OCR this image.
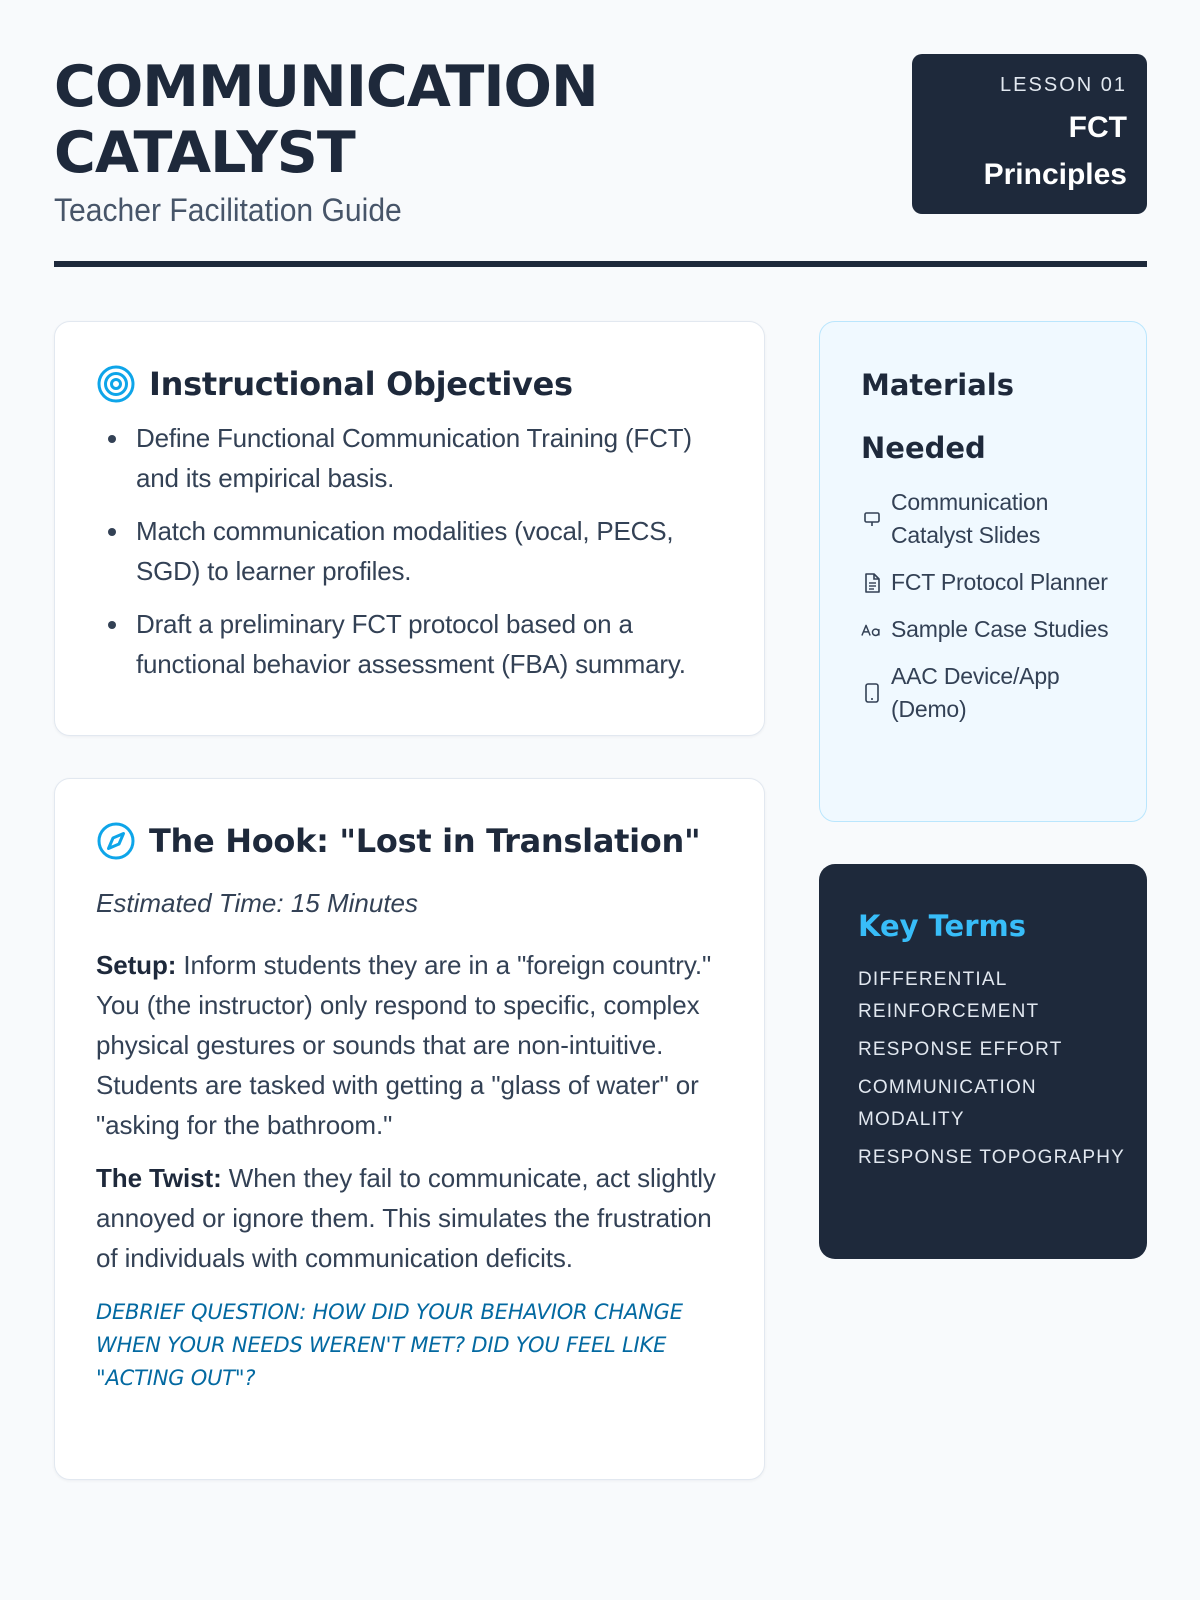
COMMUNICATION
CATALYST
Teacher Facilitation Guide
LESSON 01
FCT
Principles
Instructional Objectives
Define Functional Communication Training (FCT) and its empirical basis.
Match communication modalities (vocal, PECS, SGD) to learner profiles.
Draft a preliminary FCT protocol based on a functional behavior assessment (FBA) summary.
The Hook: "Lost in Translation"
Estimated Time: 15 Minutes
Setup: Inform students they are in a "foreign country." You (the instructor) only respond to specific, complex physical gestures or sounds that are non-intuitive. Students are tasked with getting a "glass of water" or "asking for the bathroom."
The Twist: When they fail to communicate, act slightly annoyed or ignore them. This simulates the frustration of individuals with communication deficits.
DEBRIEF QUESTION: HOW DID YOUR BEHAVIOR CHANGE WHEN YOUR NEEDS WEREN'T MET? DID YOU FEEL LIKE "ACTING OUT"?
Materials Needed
Communication Catalyst Slides
FCT Protocol Planner
Sample Case Studies
AAC Device/App (Demo)
Key Terms
DIFFERENTIAL REINFORCEMENT
RESPONSE EFFORT
COMMUNICATION MODALITY
RESPONSE TOPOGRAPHY
